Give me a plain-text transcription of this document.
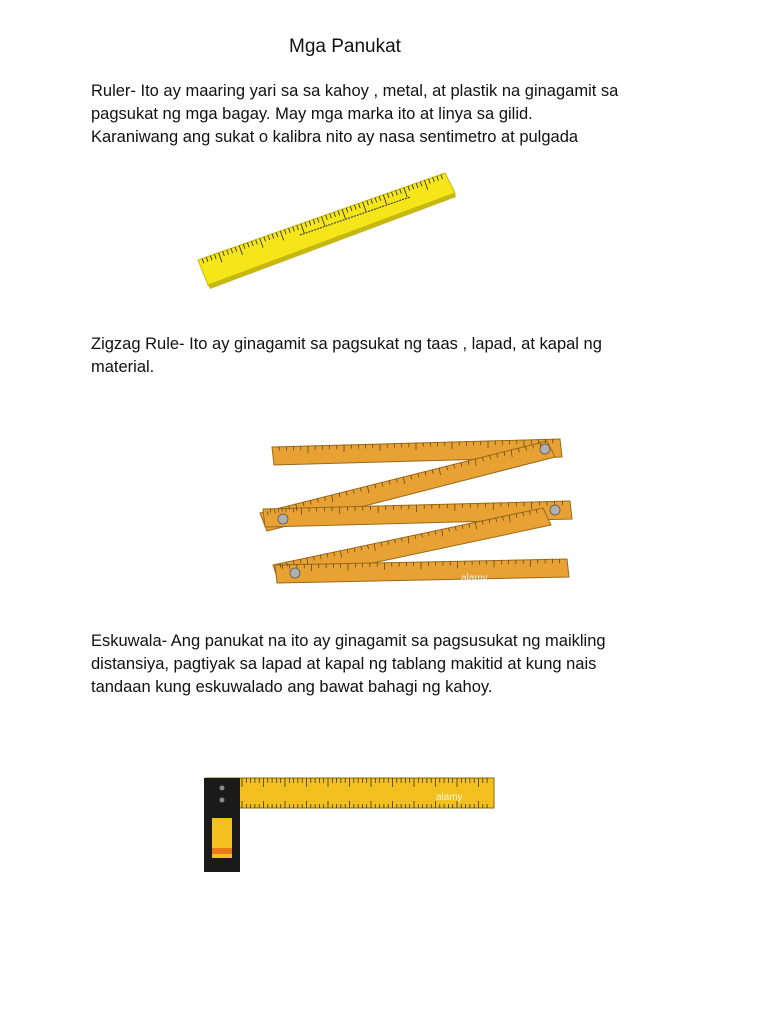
Mga Panukat

Ruler- Ito ay maaring yari sa sa kahoy , metal, at plastik na ginagamit sa

pagsukat ng mga bagay. May mga marka ito at linya sa gilid.

Karaniwang ang sukat o kalibra nito ay nasa sentimetro at pulgada

Zigzag Rule- Ito ay ginagamit sa pagsukat ng taas , lapad, at kapal ng

material.

alamy

Eskuwala- Ang panukat na ito ay ginagamit sa pagsusukat ng maikling

distansiya, pagtiyak sa lapad at kapal ng tablang makitid at kung nais

tandaan kung eskuwalado ang bawat bahagi ng kahoy.

alamy
